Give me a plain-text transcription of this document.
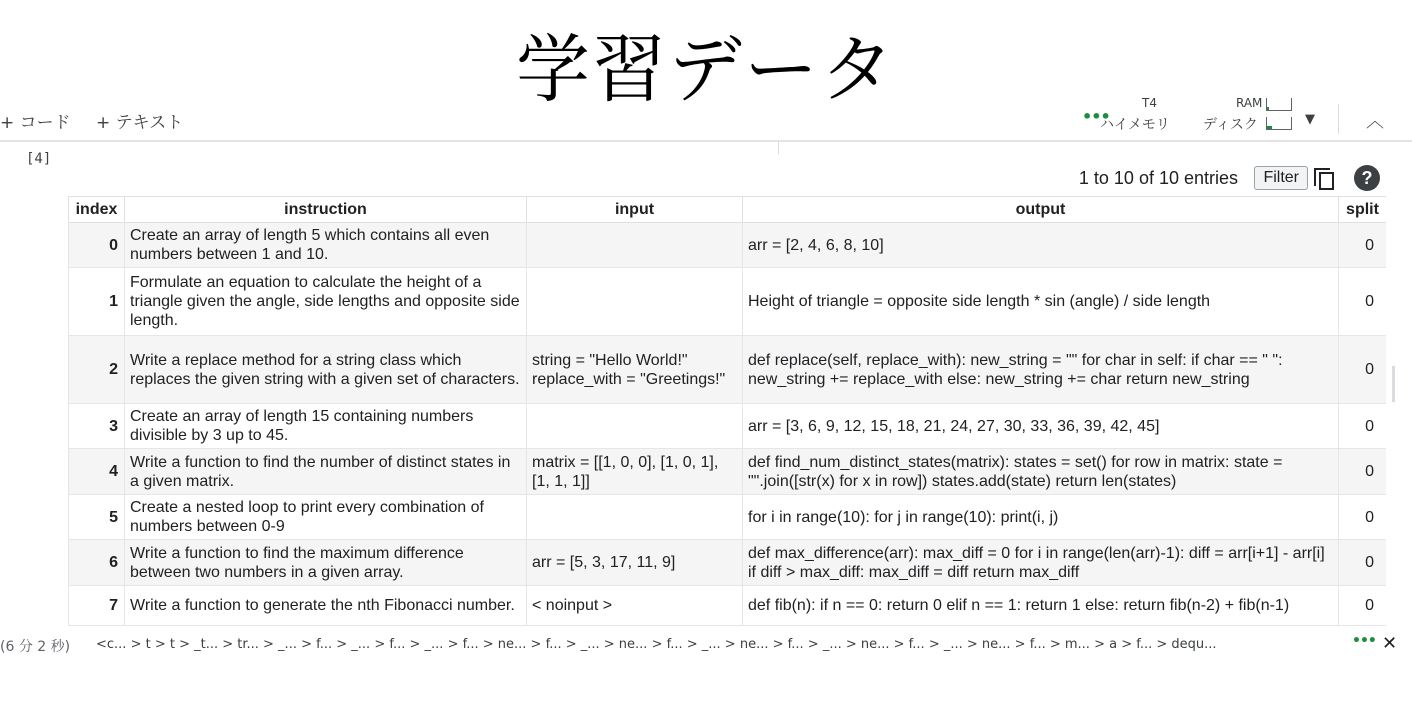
学習データ
+ コード + テキスト	•••
T4	RAM
ハイメモリ ディスク	▼	︿
[4]
1 to 10 of 10 entries	Filter	?
index	instruction	input	output	split
0	Create an array of length 5 which contains all even numbers between 1 and 10.		arr = [2, 4, 6, 8, 10]	0
1	Formulate an equation to calculate the height of a triangle given the angle, side lengths and opposite side length.		Height of triangle = opposite side length * sin (angle) / side length	0
2	Write a replace method for a string class which replaces the given string with a given set of characters.	string = "Hello World!" replace_with = "Greetings!"	def replace(self, replace_with): new_string = "" for char in self: if char == " ": new_string += replace_with else: new_string += char return new_string	0
3	Create an array of length 15 containing numbers divisible by 3 up to 45.		arr = [3, 6, 9, 12, 15, 18, 21, 24, 27, 30, 33, 36, 39, 42, 45]	0
4	Write a function to find the number of distinct states in a given matrix.	matrix = [[1, 0, 0], [1, 0, 1], [1, 1, 1]]	def find_num_distinct_states(matrix): states = set() for row in matrix: state = "".join([str(x) for x in row]) states.add(state) return len(states)	0
5	Create a nested loop to print every combination of numbers between 0-9		for i in range(10): for j in range(10): print(i, j)	0
6	Write a function to find the maximum difference between two numbers in a given array.	arr = [5, 3, 17, 11, 9]	def max_difference(arr): max_diff = 0 for i in range(len(arr)-1): diff = arr[i+1] - arr[i] if diff > max_diff: max_diff = diff return max_diff	0
7	Write a function to generate the nth Fibonacci number.	< noinput >	def fib(n): if n == 0: return 0 elif n == 1: return 1 else: return fib(n-2) + fib(n-1)	0
(6 分 2 秒) <c... > t > t > _t... > tr... > _... > f... > _... > f... > _... > f... > ne... > f... > _... > ne... > f... > _... > ne... > f... > _... > ne... > f... > _... > ne... > f... > m... > a > f... > dequ...	••• ✕
